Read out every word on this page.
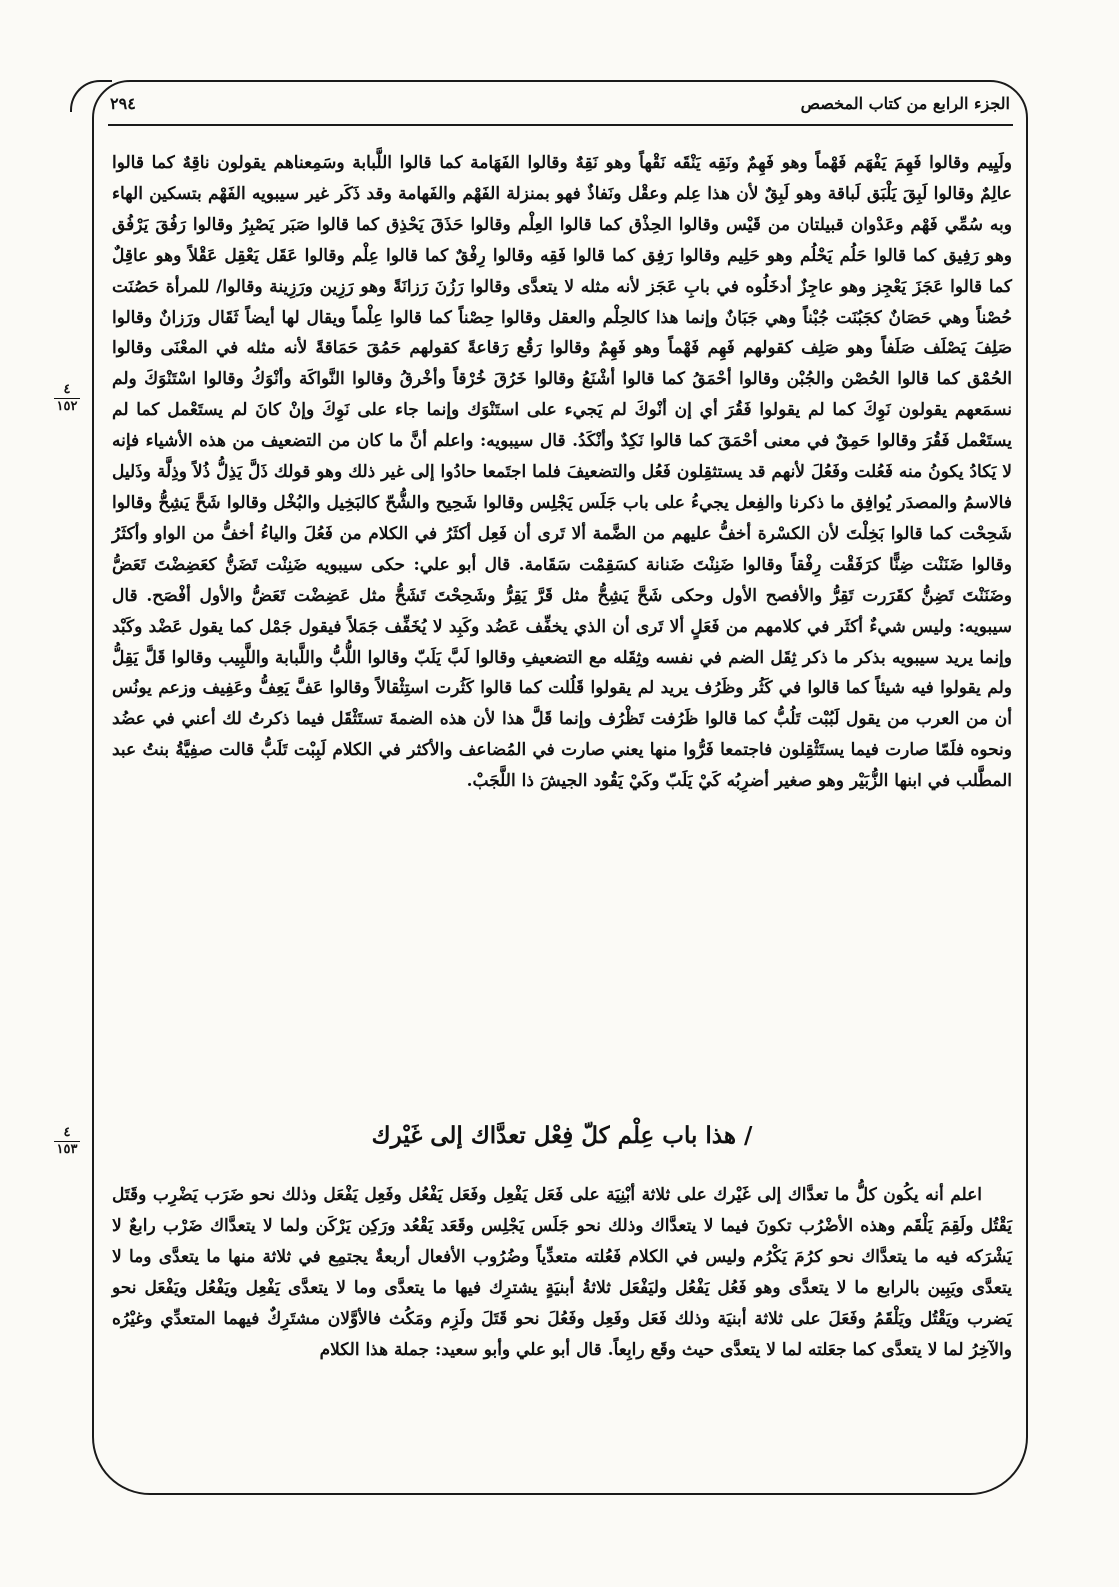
الجزء الرابع من كتاب المخصص
٢٩٤
٤
١٥٢

ولَيِيم وقالوا فَهِمَ يَفْهَم فَهْماً وهو فَهِمٌ ونَقِه يَنْقَه نَقْهاً وهو نَقِهٌ وقالوا الفَهَامة كما قالوا اللَّبابة وسَمِعناهم يقولون ناقِهٌ كما قالوا عالِمٌ وقالوا لَبِقَ يَلْبَق لَباقة وهو لَبِقٌ لأن هذا عِلم وعقْل ونَفاذٌ فهو بمنزلة الفَهْم والفَهامة وقد ذَكَر غير سيبويه الفَهْم بتسكين الهاء وبه سُمِّي فَهْم وعَدْوان قبيلتان من قَيْس وقالوا الحِذْق كما قالوا العِلْم وقالوا حَذَقَ يَحْذِق كما قالوا صَبَر يَصْبِرُ وقالوا رَفُقَ يَرْفُق وهو رَفِيق كما قالوا حَلُم يَحْلُم وهو حَلِيم وقالوا رَفِق كما قالوا فَقِه وقالوا رِفْقٌ كما قالوا عِلْم وقالوا عَقَل يَعْقِل عَقْلاً وهو عاقِلٌ كما قالوا عَجَزَ يَعْجِز وهو عاجِزٌ أدخَلُوه في بابِ عَجَز لأنه مثله لا يتعدَّى وقالوا رَزُنَ رَزانَةً وهو رَزِين ورَزِينة وقالوا/ للمرأة حَصُنَت حُصْناً وهي حَصَانٌ كجَبُنَت جُبْناً وهي جَبَانٌ وإنما هذا كالحِلْم والعقل وقالوا حِصْناً كما قالوا عِلْماً ويقال لها أيضاً ثَقَال ورَزانٌ وقالوا صَلِفَ يَصْلَف صَلَفاً وهو صَلِف كقولهم فَهِم فَهْماً وهو فَهِمٌ وقالوا رَقُع رَقاعةً كقولهم حَمُقَ حَمَاقةً لأنه مثله في المعْنَى وقالوا الحُمْق كما قالوا الحُصْن والجُبْن وقالوا أحْمَقُ كما قالوا أشْنَعُ وقالوا خَرُقَ خُرْقاً وأخْرقُ وقالوا النَّواكَة وأنْوَكُ وقالوا اسْتَنْوَكَ ولم نسمَعهم يقولون نَوِكَ كما لم يقولوا فَقُرَ أي إن أنْوكَ لم يَجيء على استَنْوَك وإنما جاء على نَوِكَ وإنْ كانَ لم يستَعْمل كما لم يستَعْمل فَقُرَ وقالوا حَمِقٌ في معنى أحْمَقَ كما قالوا نَكِدٌ وأنْكَدُ. قال سيبويه: واعلم أنَّ ما كان من التضعيف من هذه الأشياء فإنه لا يَكادُ يكونُ منه فَعُلت وفَعُلَ لأنهم قد يستثقِلون فَعُل والتضعيفَ فلما اجتَمعا حادُوا إلى غير ذلك وهو قولك ذَلَّ يَذِلُّ ذُلاً وذِلَّة وذَليل فالاسمُ والمصدَر يُوافِق ما ذكرنا والفِعل يجيءُ على باب جَلَس يَجْلِس وقالوا شَحِيح والشُّحّ كالبَخِيل والبُخْل وقالوا شَحَّ يَشِحُّ وقالوا شَحِحْت كما قالوا بَخِلْتَ لأن الكسْرة أخفُّ عليهم من الضَّمة ألا تَرى أن فَعِل أكثَرُ في الكلام من فَعُلَ والياءُ أخفُّ من الواو وأكثَرُ وقالوا ضَنَنْت ضِنًّا كرَفَقْت رِفْقاً وقالوا ضَنِنْتَ ضَنانة كسَقِمْت سَقَامة. قال أبو علي: حكى سيبويه ضَنِنْت تَضَنُّ كعَضِضْتَ تَعَضُّ وضَنَنْتَ تَضِنُّ كقَرَرت تَقِرُّ والأفصح الأول وحكى شَحَّ يَشِحُّ مثل قَرَّ يَقِرُّ وشَحِحْتَ تَشَحُّ مثل عَضِضْت تَعَضُّ والأول أفْصَح. قال سيبويه: وليس شيءٌ أكثَر في كلامهم من فَعَلٍ ألا تَرى أن الذي يخفِّف عَضُد وكَبِد لا يُخَفِّف جَمَلاً فيقول جَمْل كما يقول عَضْد وكَبْد وإنما يريد سيبويه بذكر ما ذكر ثِقَل الضم في نفسه وثِقَله مع التضعيفِ وقالوا لَبَّ يَلَبّ وقالوا اللُّبُّ واللَّبابة واللَّبِيب وقالوا قَلَّ يَقِلُّ ولم يقولوا فيه شيئاً كما قالوا في كَثُر وظَرُف يريد لم يقولوا قَلُلت كما قالوا كَثُرت استِثْقالاً وقالوا عَفَّ يَعِفُّ وعَفِيف وزعم يونُس أن من العرب من يقول لَبُبْت تَلُبُّ كما قالوا ظَرُفت تَظْرُف وإنما قَلَّ هذا لأن هذه الضمةَ تستَثْقَل فيما ذكرتُ لك أعني في عضُد ونحوه فلَمّا صارت فيما يستَثْقِلون فاجتمعا فَرُّوا منها يعني صارت في المُضاعف والأكثر في الكلام لَبِبْت تَلَبُّ قالت صفِيَّةُ بنتُ عبد المطَّلب في ابنها الزُّبَيْر وهو صغير أضرِبُه كَيْ يَلَبّ وكَيْ يَقُود الجيشَ ذا اللَّجَبْ.

/ هذا باب عِلْم كلّ فِعْل تعدَّاك إلى غَيْرك
٤
١٥٣

اعلم أنه يكُون كلُّ ما تعدَّاك إلى غَيْرك على ثلاثة أبْنِيَة على فَعَل يَفْعِل وفَعَل يَفْعُل وفَعِل يَفْعَل وذلك نحو ضَرَب يَضْرِب وقَتَل يَقْتُل ولَقِمَ يَلْقَم وهذه الأضْرُب تكونَ فيما لا يتعدَّاك وذلك نحو جَلَس يَجْلِس وقَعَد يَقْعُد ورَكِن يَرْكَن ولما لا يتعدَّاك ضَرْب رابعٌ لا يَشْرَكه فيه ما يتعدَّاك نحو كرُمَ يَكْرُم وليس في الكلام فَعُلته متعدِّياً وضُرُوب الأفعال أربعةٌ يجتمِع في ثلاثة منها ما يتعدَّى وما لا يتعدَّى ويَبِين بالرابع ما لا يتعدَّى وهو فَعُل يَفْعُل وليَفْعَل ثلاثةُ أبنيَةٍ يشترِك فيها ما يتعدَّى وما لا يتعدَّى يَفْعِل ويَفْعُل ويَفْعَل نحو يَضرب ويَقْتُل ويَلْقَمُ وفَعَلَ على ثلاثة أبنيَة وذلك فَعَل وفَعِل وفَعُلَ نحو قَتَلَ ولَزِم ومَكُث فالأوَّلان مشتَرِكٌ فيهما المتعدِّي وغيْرُه والآخِرُ لما لا يتعدَّى كما جعَلته لما لا يتعدَّى حيث وقَع رابِعاً. قال أبو علي وأبو سعيد: جملة هذا الكلام
